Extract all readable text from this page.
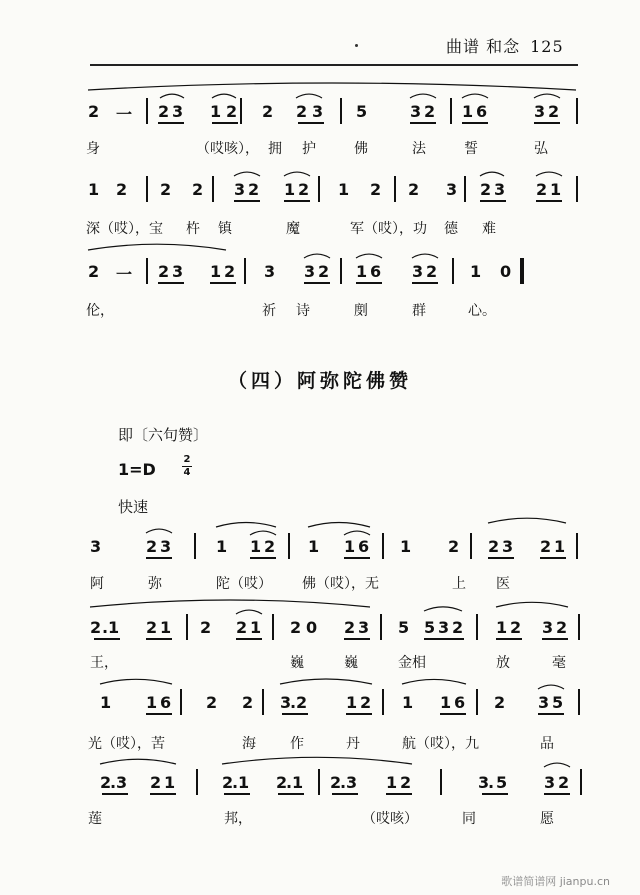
曲谱 和念 125
2 一 2 3 1 2 2 2 3 5	3 2 1 6	3 2
1 2 2 2 3 2 1 2 1 2 2 3 2 3 2 1
2 一 2 3 1 2 3 3 2 1 6 3 2 1 0
3	2 3	1 1 2 1 1 6 1 2 2 3 2 1
2 . 1 2 1 2 2 1 2 0 2 3 5 5 3 2 1 2 3 2
1 1 6 2 2 3
. 2 1 2 1 1 6 2 3 5
2
. 3 2 1	2
. 1 2
. 1 2
. 3 1 2	3
. 5 3 2
身	（哎咳）， 拥 护	佛	法	誓	弘
深（哎），宝 杵 镇	魔	军（哎），功 德 难
伦，	祈 诗	剫	群	心。
阿	弥	陀（哎） 佛（哎），无	上 医
王，	巍	巍	金相	放	毫
光（哎），苦	海 作	丹	航（哎），九	品
莲	邦，	（哎咳）	同	愿
（四）阿弥陀佛赞
即〔六句赞〕
1=D
2
4
快速
歌谱简谱网 jianpu.cn
